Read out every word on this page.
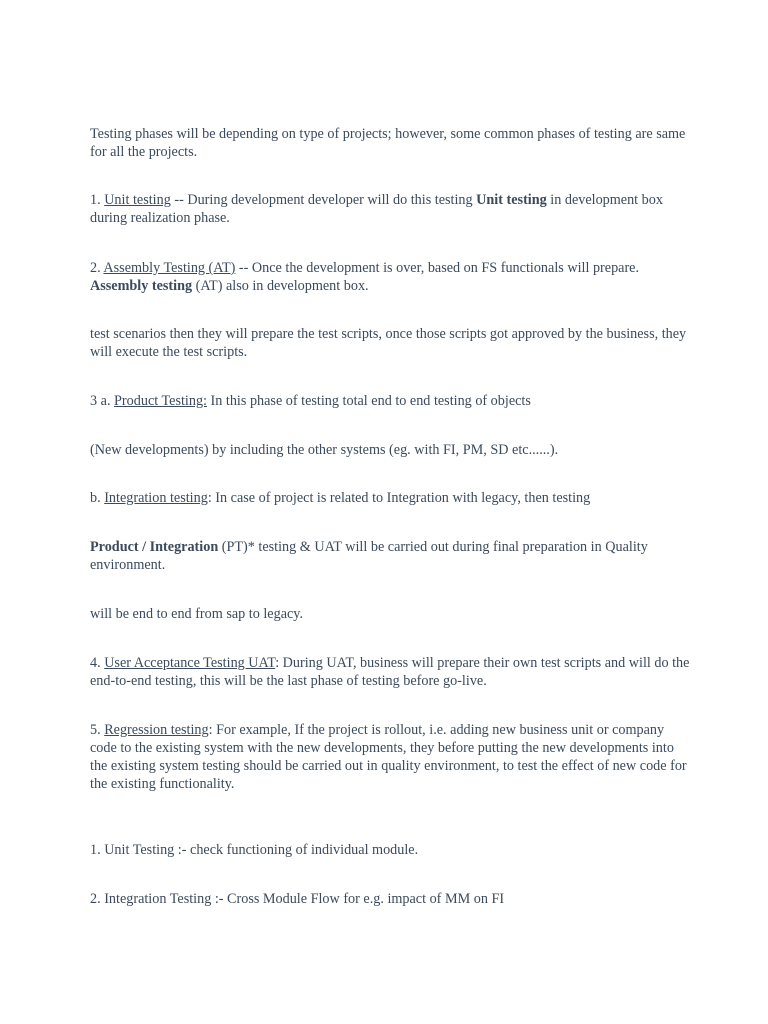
Testing phases will be depending on type of projects; however, some common phases of testing are same for all the projects.

1. Unit testing -- During development developer will do this testing Unit testing in development box during realization phase.

2. Assembly Testing (AT) -- Once the development is over, based on FS functionals will prepare. Assembly testing (AT) also in development box.

test scenarios then they will prepare the test scripts, once those scripts got approved by the business, they will execute the test scripts.

3 a. Product Testing: In this phase of testing total end to end testing of objects

(New developments) by including the other systems (eg. with FI, PM, SD etc......).

b. Integration testing: In case of project is related to Integration with legacy, then testing

Product / Integration (PT)* testing & UAT will be carried out during final preparation in Quality environment.

will be end to end from sap to legacy.

4. User Acceptance Testing UAT: During UAT, business will prepare their own test scripts and will do the end-to-end testing, this will be the last phase of testing before go-live.

5. Regression testing: For example, If the project is rollout, i.e. adding new business unit or company code to the existing system with the new developments, they before putting the new developments into the existing system testing should be carried out in quality environment, to test the effect of new code for the existing functionality.

1. Unit Testing :- check functioning of individual module.

2. Integration Testing :- Cross Module Flow for e.g. impact of MM on FI
